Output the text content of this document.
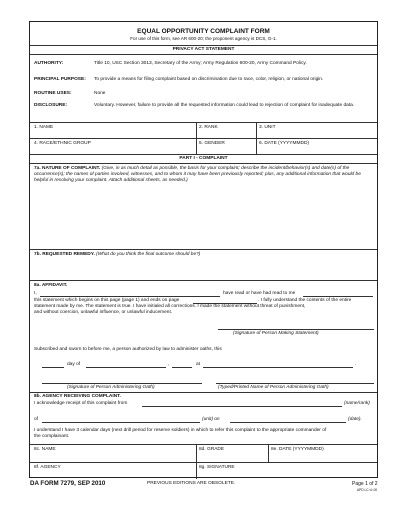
EQUAL OPPORTUNITY COMPLAINT FORM
For use of this form, see AR 600-20; the proponent agency is DCS, G-1.
PRIVACY ACT STATEMENT
AUTHORITY:	Title 10, USC Section 3013, Secretary of the Army; Army Regulation 600-20, Army Command Policy.
PRINCIPAL PURPOSE: To provide a means for filing complaint based on discrimination due to race, color, religion, or national origin.
ROUTINE USES:	None
DISCLOSURE:	Voluntary. However, failure to provide all the requested information could lead to rejection of complaint for inadequate data.
1. NAME	2. RANK	3. UNIT
4. RACE/ETHNIC GROUP	5. GENDER	6. DATE (YYYYMMDD)
PART I - COMPLAINT
7a. NATURE OF COMPLAINT. (Give, in as much detail as possible, the basis for your complaint; describe the incident/behavior(s) and date(s) of the occurrence(s); the names of parties involved, witnesses, and to whom it may have been previously reported; plus, any additional information that would be helpful in resolving your complaint. Attach additional sheets, as needed.)
7b. REQUESTED REMEDY. (What do you think the final outcome should be?)
8a. AFFIDAVIT.
I,	have read or have had read to me
this statement which begins on this page (page 1) and ends on page	. I fully understand the contents of the entire
statement made by me. The statement is true. I have initialed all corrections. I made the statement without threat of punishment,
and without coercion, unlawful influence, or unlawful inducement.
(Signature of Person Making Statement)
Subscribed and sworn to before me, a person authorized by law to administer oaths, this
day of	,	at	.
(Signature of Person Administering Oath)	(Typed/Printed Name of Person Administering Oath)
8b. AGENCY RECEIVING COMPLAINT.
I acknowledge receipt of this complaint from	(name/rank)
of	(unit) on	(date).
I understand I have 3 calendar days (next drill period for reserve soldiers) in which to refer this complaint to the appropriate commander of the complainant.
8c. NAME	8d. GRADE	8e. DATE (YYYYMMDD)
8f. AGENCY	8g. SIGNATURE
DA FORM 7279, SEP 2010	PREVIOUS EDITIONS ARE OBSOLETE.	Page 1 of 2
APD LC v1.00
